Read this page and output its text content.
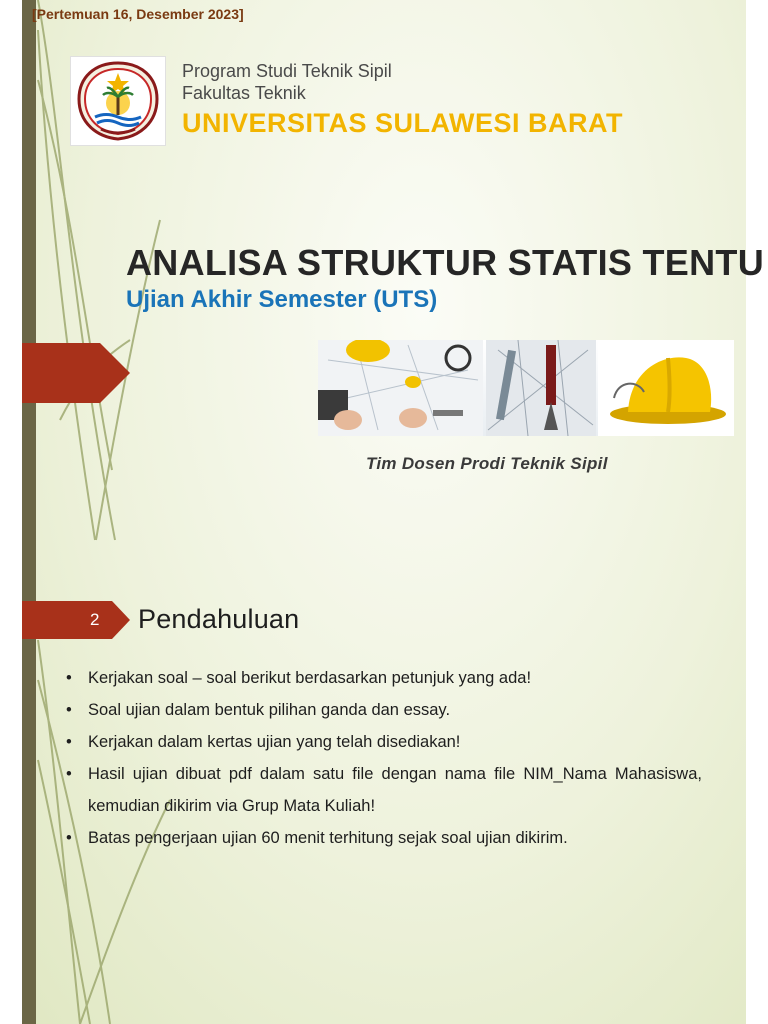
[Pertemuan 16, Desember 2023]
Program Studi Teknik Sipil
Fakultas Teknik
UNIVERSITAS SULAWESI BARAT
ANALISA STRUKTUR STATIS TENTU
Ujian Akhir Semester (UTS)
Tim Dosen Prodi Teknik Sipil
2 Pendahuluan
• Kerjakan soal – soal berikut berdasarkan petunjuk yang ada!
• Soal ujian dalam bentuk pilihan ganda dan essay.
• Kerjakan dalam kertas ujian yang telah disediakan!
• Hasil ujian dibuat pdf dalam satu file dengan nama file NIM_Nama Mahasiswa, kemudian dikirim via Grup Mata Kuliah!
• Batas pengerjaan ujian 60 menit terhitung sejak soal ujian dikirim.
